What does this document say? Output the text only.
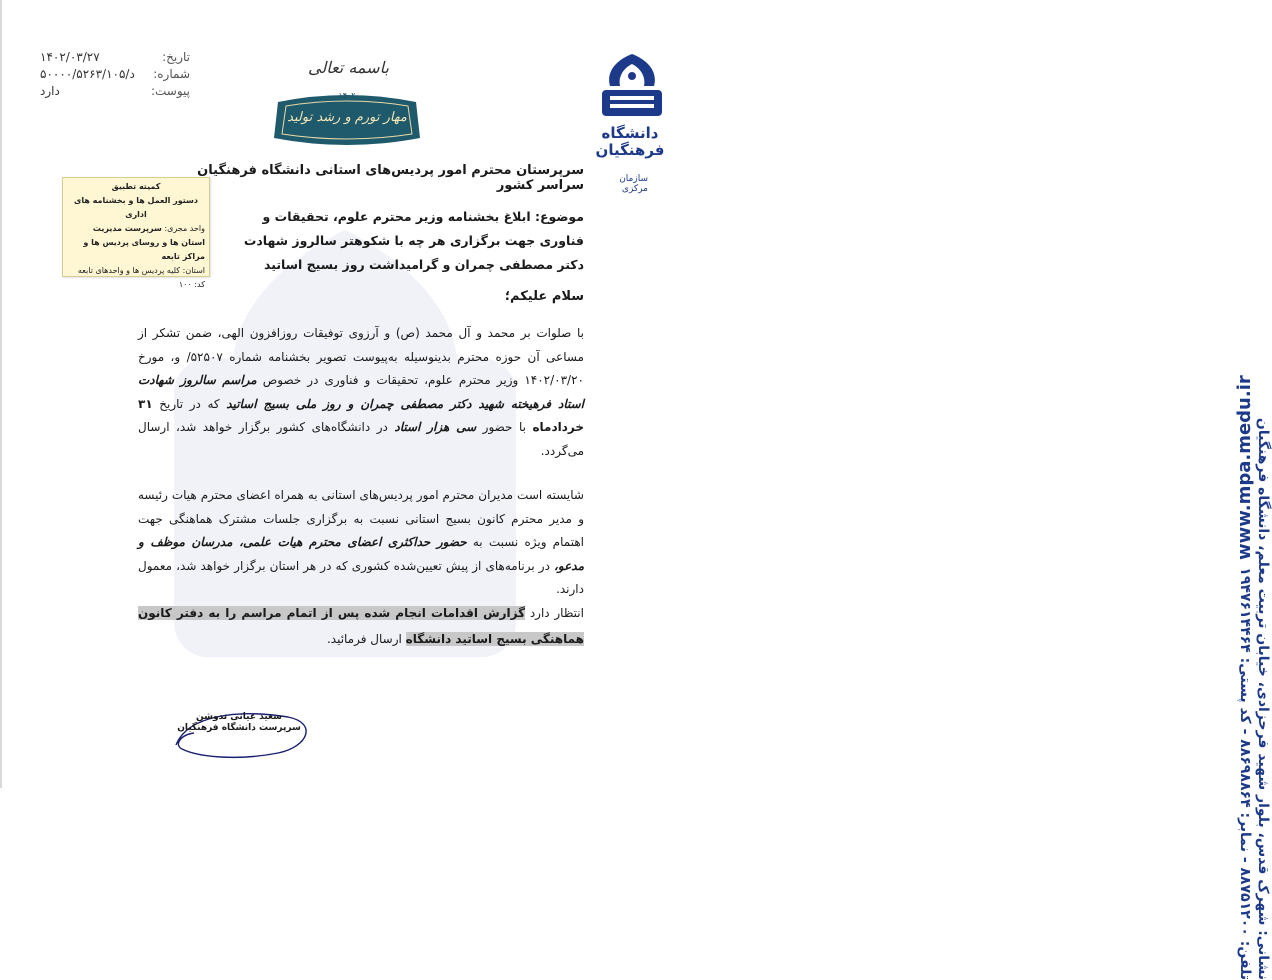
دانشگاه فرهنگیان
سازمان مرکزی
نشانی: شهرک قدس، بلوار شهید فرحزادی، خیابان تربیت معلم، دانشگاه فرهنگیان
تلفن: ۸۸۷۵۱۲۰۰ - نمابر: ۸۸۶۹۸۸۶۴ - کد پستی: ۱۹۴۷۶۱۴۴۶۴
www.mpa.medu.ir
تاریخ:
۱۴۰۲/۰۳/۲۷
شماره:
۵۰۰۰۰/۵۲۶۳/۱۰۵/د
پیوست:
دارد
باسمه تعالی
۱۴۰۲
مهار تورم و رشد تولید
کمیته تطبیق
دستور العمل ها و بخشنامه های اداری
واحد مجری: سرپرست مدیریت استان ها و روسای پردیس ها و مراکز تابعه
استان: کلیه پردیس ها و واحدهای تابعه
کد: ۱۰۰
سرپرستان محترم امور پردیس‌های استانی دانشگاه فرهنگیان سراسر کشور
موضوع: ابلاغ بخشنامه وزیر محترم علوم، تحقیقات و فناوری جهت برگزاری هر چه با شکوهتر سالروز شهادت دکتر مصطفی چمران و گرامیداشت روز بسیج اساتید
سلام علیکم؛
با صلوات بر محمد و آل محمد (ص) و آرزوی توفیقات روزافزون الهی، ضمن تشکر از مساعی آن حوزه محترم بدینوسیله به‌پیوست تصویر بخشنامه شماره ۵۲۵۰۷/ و، مورخ ۱۴۰۲/۰۳/۲۰ وزیر محترم علوم، تحقیقات و فناوری در خصوص مراسم سالروز شهادت استاد فرهیخته شهید دکتر مصطفی چمران و روز ملی بسیج اساتید که در تاریخ ۳۱ خردادماه با حضور سی هزار استاد در دانشگاه‌های کشور برگزار خواهد شد، ارسال می‌گردد.
شایسته است مدیران محترم امور پردیس‌های استانی به همراه اعضای محترم هیات رئیسه و مدیر محترم کانون بسیج استانی نسبت به برگزاری جلسات مشترک هماهنگی جهت اهتمام ویژه نسبت به حضور حداکثری اعضای محترم هیات علمی، مدرسان موظف و مدعو، در برنامه‌های از پیش تعیین‌شده کشوری که در هر استان برگزار خواهد شد، معمول دارند.
انتظار دارد گزارش اقدامات انجام شده پس از اتمام مراسم را به دفتر کانون هماهنگی بسیج اساتید دانشگاه ارسال فرمائید.
سعید عیانی ندوشن
سرپرست دانشگاه فرهنگیان
